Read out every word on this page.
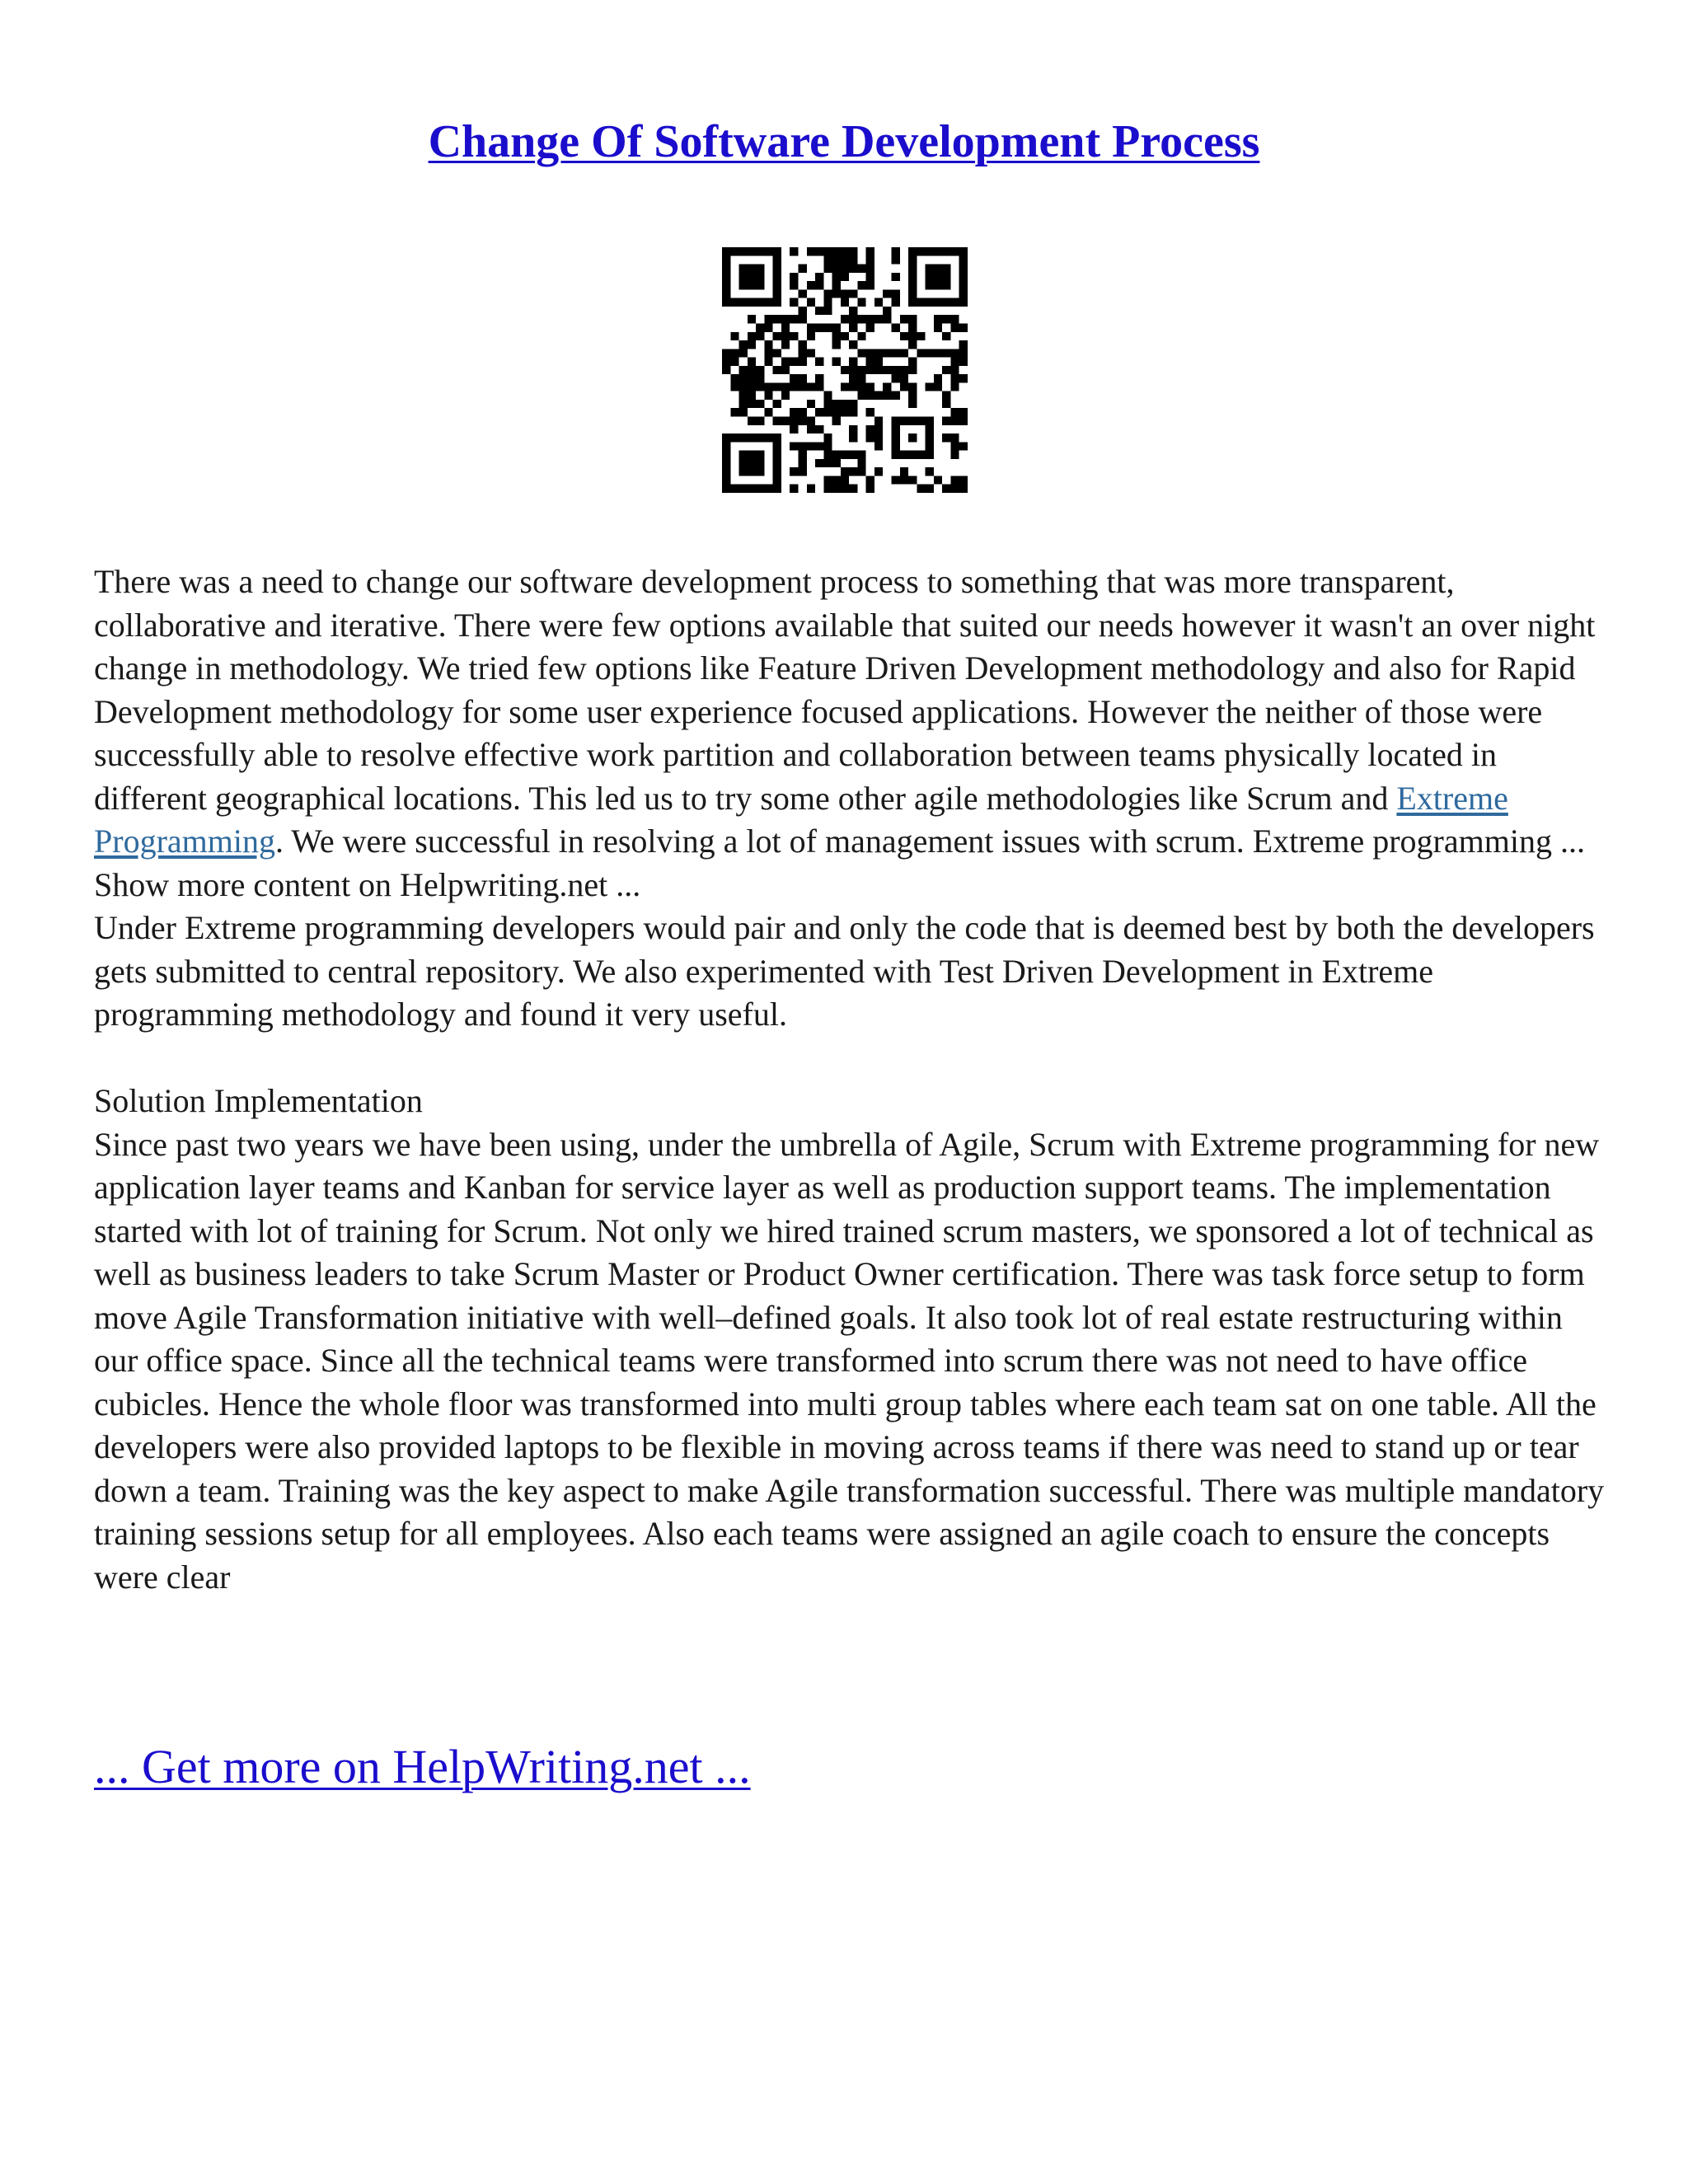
Change Of Software Development Process

There was a need to change our software development process to something that was more transparent, collaborative and iterative. There were few options available that suited our needs however it wasn't an over night change in methodology. We tried few options like Feature Driven Development methodology and also for Rapid Development methodology for some user experience focused applications. However the neither of those were successfully able to resolve effective work partition and collaboration between teams physically located in different geographical locations. This led us to try some other agile methodologies like Scrum and Extreme Programming. We were successful in resolving a lot of management issues with scrum. Extreme programming ... Show more content on Helpwriting.net ...

Under Extreme programming developers would pair and only the code that is deemed best by both the developers gets submitted to central repository. We also experimented with Test Driven Development in Extreme programming methodology and found it very useful.

Solution Implementation

Since past two years we have been using, under the umbrella of Agile, Scrum with Extreme programming for new application layer teams and Kanban for service layer as well as production support teams. The implementation started with lot of training for Scrum. Not only we hired trained scrum masters, we sponsored a lot of technical as well as business leaders to take Scrum Master or Product Owner certification. There was task force setup to form move Agile Transformation initiative with well–defined goals. It also took lot of real estate restructuring within our office space. Since all the technical teams were transformed into scrum there was not need to have office cubicles. Hence the whole floor was transformed into multi group tables where each team sat on one table. All the developers were also provided laptops to be flexible in moving across teams if there was need to stand up or tear down a team. Training was the key aspect to make Agile transformation successful. There was multiple mandatory training sessions setup for all employees. Also each teams were assigned an agile coach to ensure the concepts were clear

... Get more on HelpWriting.net ...
